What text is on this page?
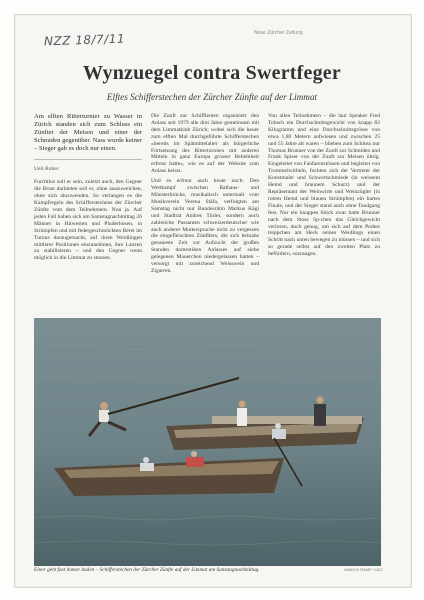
NZZ 18/7/11	Neue Zürcher Zeitung
Wynzuegel contra Swertfeger
Elftes Schifferstechen der Zürcher Zünfte auf der Limmat

Am elften Ritterturnier zu Wasser in Zürich standen sich zum Schluss ein Zünfter der Meisen und einer der Schmiden gegenüber. Nass wurde keiner – Sieger gab es doch nur einen.

Ueli Ruber

Furchtlos soll er sein, zuletzt auch, den Gegner die Brust darbieten soll er, ohne auszuweichen, ohne sich abzuwenden. So verlangen es die Kampfregeln des Schifferstechens der Zürcher Zünfte vom dem Teilnehmern. Nun ja. Auf jeden Fall haben sich am Samstagnachmittag 26 Männer in Hitwesten und Pluderhosen, in Strümpfen und mit federgeschmückten Béret im Turnus daraugemacht, auf ihren Weidlingen mittlerer Positionen einzunehmen, ihre Lanzen zu stabilisieren – und den Gegner wenn möglich in die Limmat zu stossen.

Die Zunft zur Schiffleuten organisiert den Anlass seit 1979 alle drei Jahre gemeinsam mit dem Limmatklub Zürich; wobei sich die heuer zum elften Mal durchgeführte Schifferstechen «bereits im Spätmittelalter als bürgerliche Fortsetzung des Ritterturniers mit anderen Mitteln in ganz Europa grosser Beliebtheit erfreut hatte», wie es auf der Website zum Anlass heisst.

Und es erfreut auch heute noch: Den Wettkampf zwischen Rathaus- und Münsterbrücke, musikalisch untermalt vom Musikverein Verena Stäfa, verfolgten am Samstag nicht nur Bundesrätin Markus Kägi und Stadtrat Andres Türler, sondern auch zahlreiche Passanten schweizerdeutscher wie auch anderer Muttersprache nicht zu vergessen die eingefleischten Zünftlers, die sich beinahe genaueste Zeit vor Aufzucht der großen Standen domestiken Anlasses auf siebe gelegenen Mauerchen niedergelassen hatten – versorgt mit zureichend Weisswein und Zigarren.

Von allen Teilnehmern – die laut Speaker Fred Tobsch ein Durchschnittsgewicht von knapp 82 Kilogramm und eine Durchschnittsgrösse von etwa 1,80 Metern aufwiesen und zwischen 25 und 55 Jahre alt waren – blieben zum Schluss nur Thomas Brunner von der Zunft zur Schmiden und Frank Spiser von der Zunft zur Meisen übrig. Eingeleitet von Fanfarenstössen und begleitet von Trommelwirbeln, fochten sich der Vertreter der Kunstmaler und Schwertschmiede (in weissem Hemd und braunem Schurz) und der Repräsentant der Weinwirte und Weinzügler (in rotem Hemd und blauen Strümpfen) ein hartes Finale, und der Sieger stand auch ohne Taudgang fest. Nur ein knappes Stück zwar hatte Brunner nach dem Stoss Sp-chen das Gleichgewicht verloren, doch genug, um sich auf dem Podest treppchen am Heck seines Weidlings einen Schritt nach unten bewegen zu müssen – und sich so gerade selbst auf den zweiten Platz zu befördern, sozusagen.

Einer geht fast immer baden – Schifferstechen der Zürcher Zünfte auf der Limmat am Samstagnachmittag.	ANNICK RAMP / NZZ
